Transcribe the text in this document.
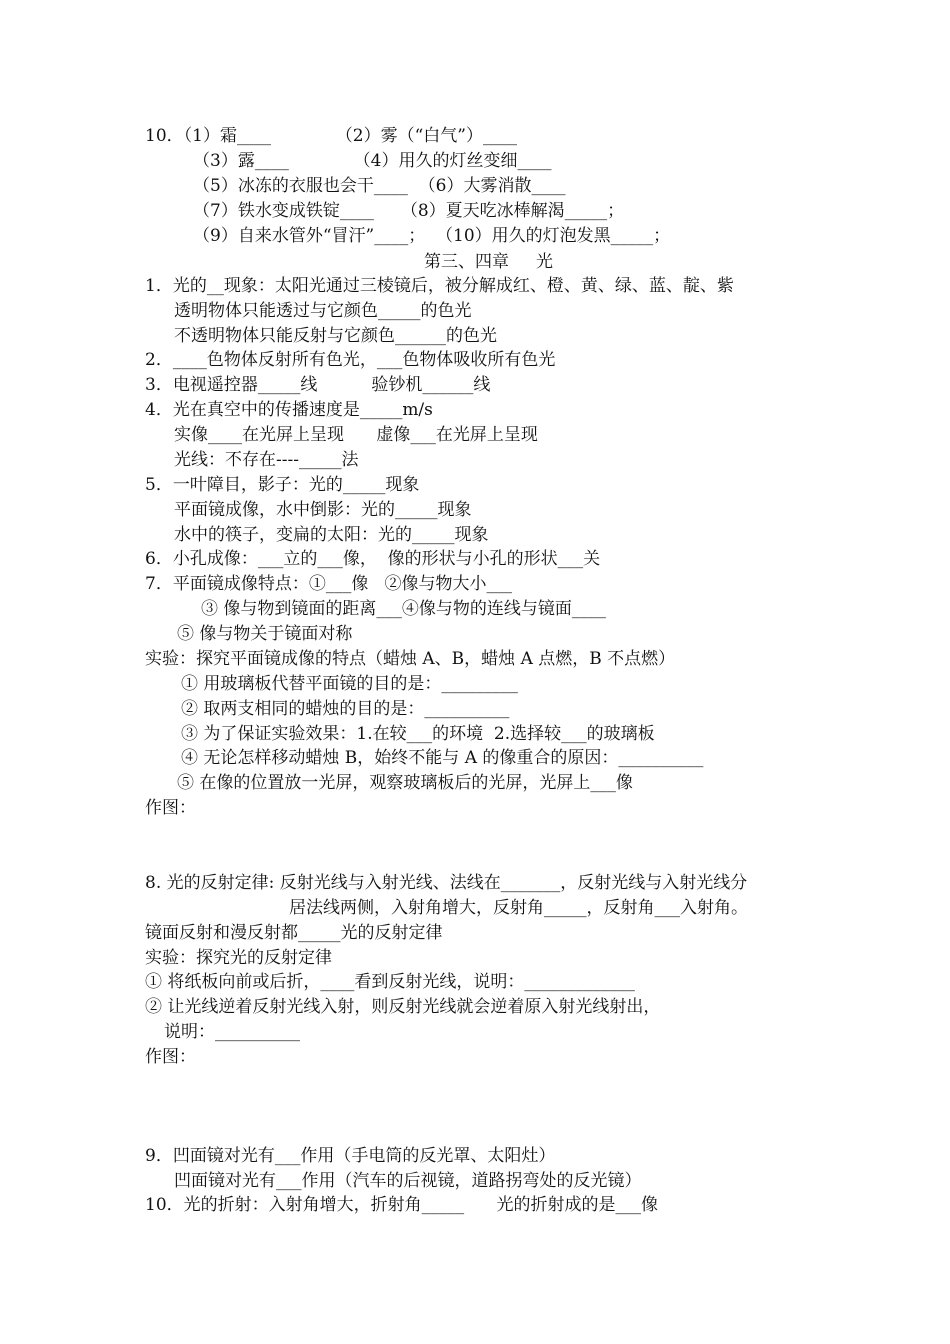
10．（1）霜____            （2）雾（“白气”）____

（3）露____            （4）用久的灯丝变细____

（5）冰冻的衣服也会干____  （6）大雾消散____

（7）铁水变成铁锭____     （8）夏天吃冰棒解渴_____；

（9）自来水管外“冒汗”____；  （10）用久的灯泡发黑_____；

第三、四章     光

1．光的__现象：太阳光通过三棱镜后，被分解成红、橙、黄、绿、蓝、靛、紫

透明物体只能透过与它颜色_____的色光

不透明物体只能反射与它颜色______的色光

2．____色物体反射所有色光，___色物体吸收所有色光

3．电视遥控器_____线          验钞机______线

4．光在真空中的传播速度是_____m/s

实像____在光屏上呈现      虚像___在光屏上呈现

光线：不存在----_____法

5．一叶障目，影子：光的_____现象

平面镜成像，水中倒影：光的_____现象

水中的筷子，变扁的太阳：光的_____现象

6．小孔成像：___立的___像，  像的形状与小孔的形状___关

7．平面镜成像特点：①___像   ②像与物大小___

③ 像与物到镜面的距离___④像与物的连线与镜面____

⑤ 像与物关于镜面对称

实验：探究平面镜成像的特点（蜡烛 A、B，蜡烛 A 点燃，B 不点燃）

① 用玻璃板代替平面镜的目的是：_________

② 取两支相同的蜡烛的目的是：__________

③ 为了保证实验效果：1.在较___的环境  2.选择较___的玻璃板

④ 无论怎样移动蜡烛 B，始终不能与 A 的像重合的原因：__________

⑤ 在像的位置放一光屏，观察玻璃板后的光屏，光屏上___像

作图：

8. 光的反射定律: 反射光线与入射光线、法线在_______，反射光线与入射光线分

居法线两侧，入射角增大，反射角_____，反射角___入射角。

镜面反射和漫反射都_____光的反射定律

实验：探究光的反射定律

① 将纸板向前或后折，____看到反射光线，说明：_____________

② 让光线逆着反射光线入射，则反射光线就会逆着原入射光线射出，

说明：__________

作图：

9．凹面镜对光有___作用（手电筒的反光罩、太阳灶）

凹面镜对光有___作用（汽车的后视镜，道路拐弯处的反光镜）

10．光的折射：入射角增大，折射角_____      光的折射成的是___像
